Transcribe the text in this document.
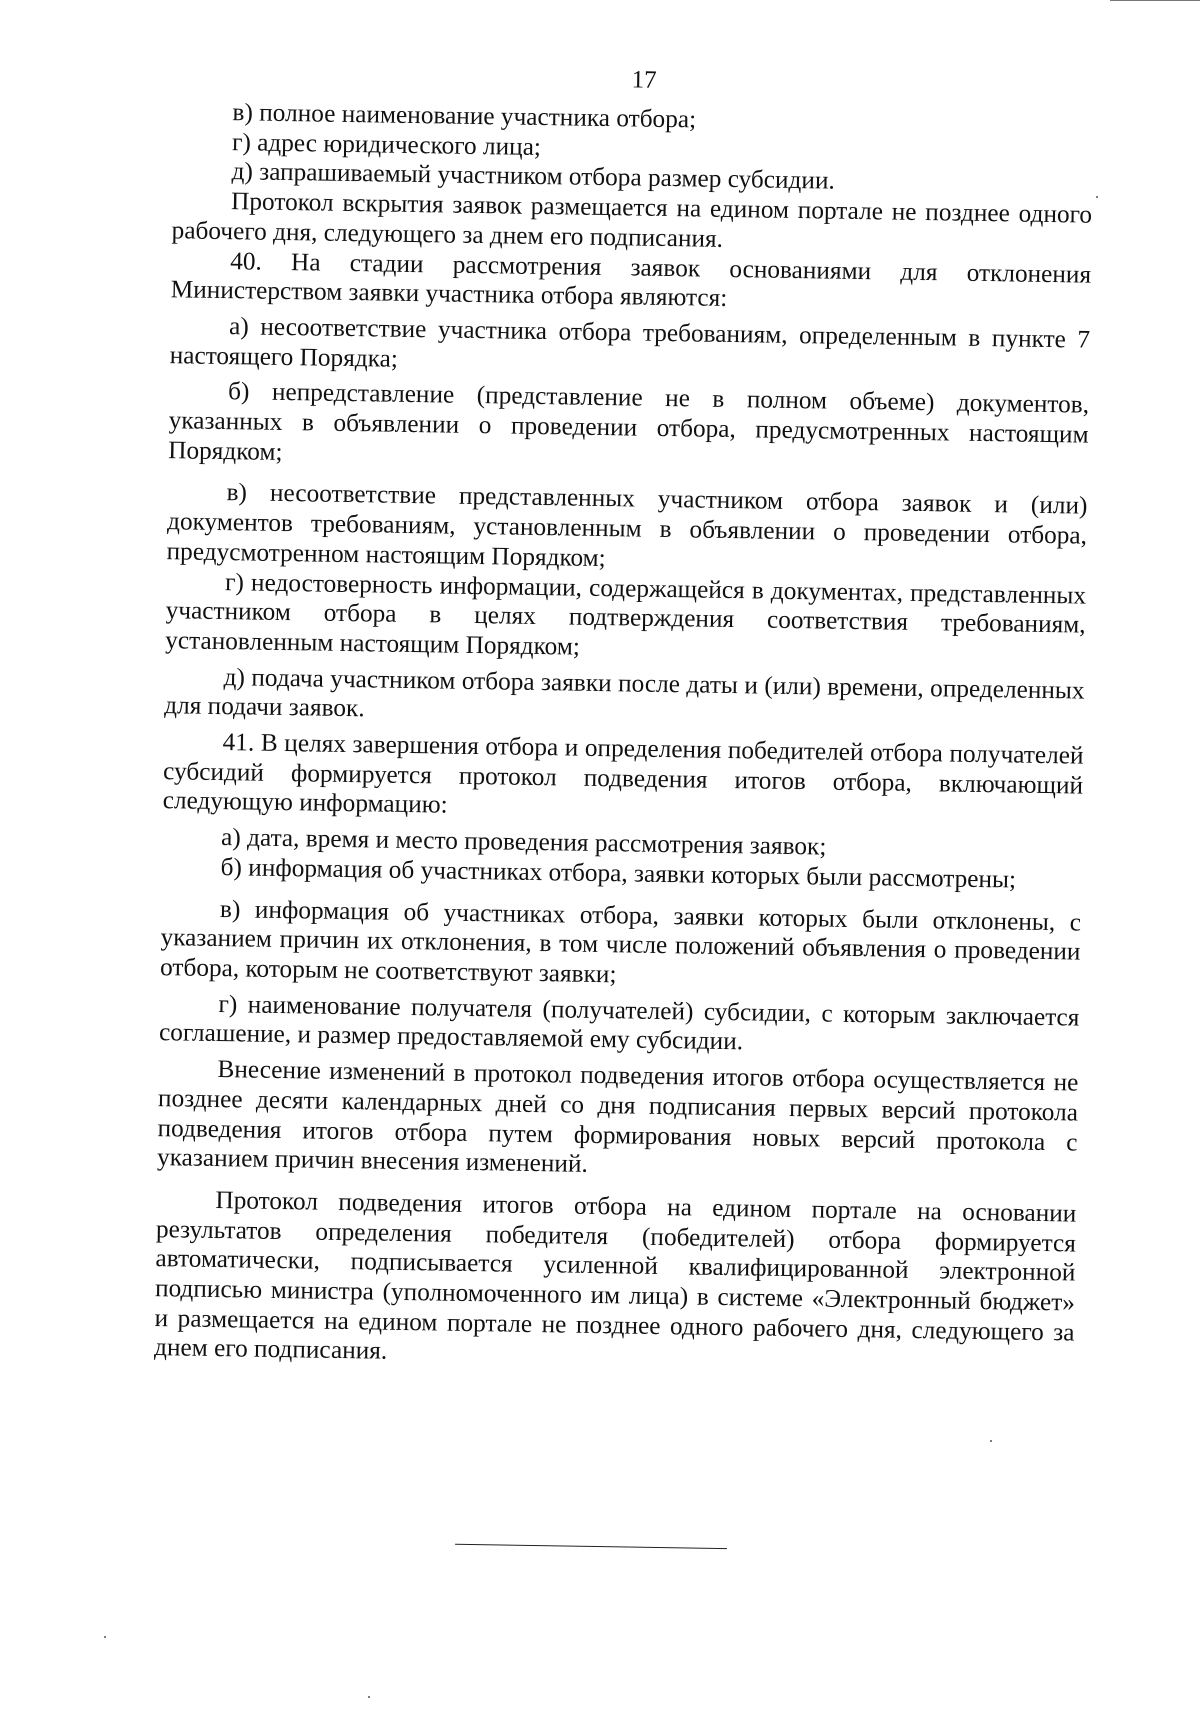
17

в) полное наименование участника отбора;

г) адрес юридического лица;

д) запрашиваемый участником отбора размер субсидии.

Протокол вскрытия заявок размещается на едином портале не позднее одного рабочего дня, следующего за днем его подписания.

40. На стадии рассмотрения заявок основаниями для отклонения Министерством заявки участника отбора являются:

а) несоответствие участника отбора требованиям, определенным в пункте 7 настоящего Порядка;

б) непредставление (представление не в полном объеме) документов, указанных в объявлении о проведении отбора, предусмотренных настоящим Порядком;

в) несоответствие представленных участником отбора заявок и (или) документов требованиям, установленным в объявлении о проведении отбора, предусмотренном настоящим Порядком;

г) недостоверность информации, содержащейся в документах, представленных участником отбора в целях подтверждения соответствия требованиям, установленным настоящим Порядком;

д) подача участником отбора заявки после даты и (или) времени, определенных для подачи заявок.

41. В целях завершения отбора и определения победителей отбора получателей субсидий формируется протокол подведения итогов отбора, включающий следующую информацию:

а) дата, время и место проведения рассмотрения заявок;

б) информация об участниках отбора, заявки которых были рассмотрены;

в) информация об участниках отбора, заявки которых были отклонены, с указанием причин их отклонения, в том числе положений объявления о проведении отбора, которым не соответствуют заявки;

г) наименование получателя (получателей) субсидии, с которым заключается соглашение, и размер предоставляемой ему субсидии.

Внесение изменений в протокол подведения итогов отбора осуществляется не позднее десяти календарных дней со дня подписания первых версий протокола подведения итогов отбора путем формирования новых версий протокола с указанием причин внесения изменений.

Протокол подведения итогов отбора на едином портале на основании результатов определения победителя (победителей) отбора формируется автоматически, подписывается усиленной квалифицированной электронной подписью министра (уполномоченного им лица) в системе «Электронный бюджет» и размещается на едином портале не позднее одного рабочего дня, следующего за днем его подписания.
